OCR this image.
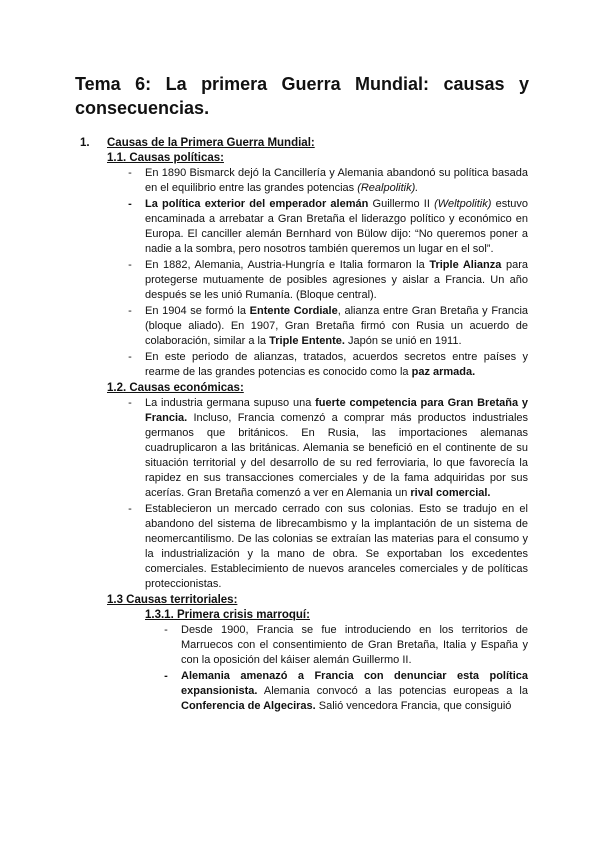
Tema 6: La primera Guerra Mundial: causas y consecuencias.
1. Causas de la Primera Guerra Mundial:
1.1. Causas políticas:
- En 1890 Bismarck dejó la Cancillería y Alemania abandonó su política basada en el equilibrio entre las grandes potencias (Realpolitik).
- La política exterior del emperador alemán Guillermo II (Weltpolitik) estuvo encaminada a arrebatar a Gran Bretaña el liderazgo político y económico en Europa. El canciller alemán Bernhard von Bülow dijo: “No queremos poner a nadie a la sombra, pero nosotros también queremos un lugar en el sol”.
- En 1882, Alemania, Austria-Hungría e Italia formaron la Triple Alianza para protegerse mutuamente de posibles agresiones y aislar a Francia. Un año después se les unió Rumanía. (Bloque central).
- En 1904 se formó la Entente Cordiale, alianza entre Gran Bretaña y Francia (bloque aliado). En 1907, Gran Bretaña firmó con Rusia un acuerdo de colaboración, similar a la Triple Entente. Japón se unió en 1911.
- En este periodo de alianzas, tratados, acuerdos secretos entre países y rearme de las grandes potencias es conocido como la paz armada.
1.2. Causas económicas:
- La industria germana supuso una fuerte competencia para Gran Bretaña y Francia. Incluso, Francia comenzó a comprar más productos industriales germanos que británicos. En Rusia, las importaciones alemanas cuadruplicaron a las británicas. Alemania se benefició en el continente de su situación territorial y del desarrollo de su red ferroviaria, lo que favorecía la rapidez en sus transacciones comerciales y de la fama adquiridas por sus acerías. Gran Bretaña comenzó a ver en Alemania un rival comercial.
- Establecieron un mercado cerrado con sus colonias. Esto se tradujo en el abandono del sistema de librecambismo y la implantación de un sistema de neomercantilismo. De las colonias se extraían las materias para el consumo y la industrialización y la mano de obra. Se exportaban los excedentes comerciales. Establecimiento de nuevos aranceles comerciales y de políticas proteccionistas.
1.3 Causas territoriales:
1.3.1. Primera crisis marroquí:
- Desde 1900, Francia se fue introduciendo en los territorios de Marruecos con el consentimiento de Gran Bretaña, Italia y España y con la oposición del káiser alemán Guillermo II.
- Alemania amenazó a Francia con denunciar esta política expansionista. Alemania convocó a las potencias europeas a la Conferencia de Algeciras. Salió vencedora Francia, que consiguió
